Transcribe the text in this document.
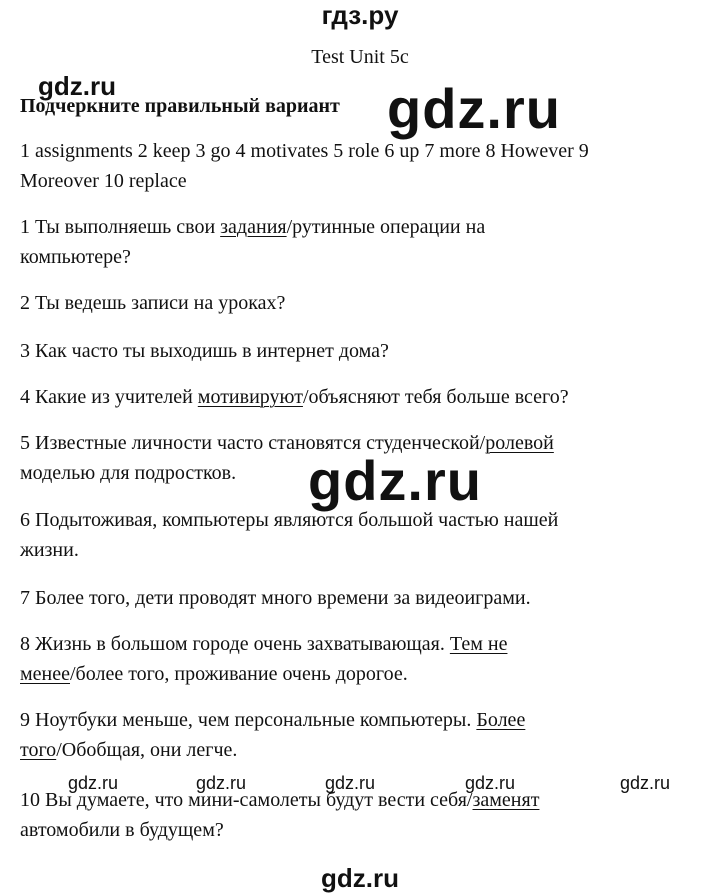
гдз.ру
Test Unit 5c
gdz.ru
Подчеркните правильный вариант gdz.ru
1 assignments 2 keep 3 go 4 motivates 5 role 6 up 7 more 8 However 9
Moreover 10 replace
1 Ты выполняешь свои задания/рутинные операции на
компьютере?
2 Ты ведешь записи на уроках?
3 Как часто ты выходишь в интернет дома?
4 Какие из учителей мотивируют/объясняют тебя больше всего?
5 Известные личности часто становятся студенческой/ролевой
моделью для подростков.	gdz.ru
6 Подытоживая, компьютеры являются большой частью нашей
жизни.
7 Более того, дети проводят много времени за видеоиграми.
8 Жизнь в большом городе очень захватывающая. Тем не
менее/более того, проживание очень дорогое.
9 Ноутбуки меньше, чем персональные компьютеры. Более
того/Обобщая, они легче.
gdz.ru	gdz.ru	gdz.ru	gdz.ru	gdz.ru
10 Вы думаете, что мини-самолеты будут вести себя/заменят
автомобили в будущем?
gdz.ru
